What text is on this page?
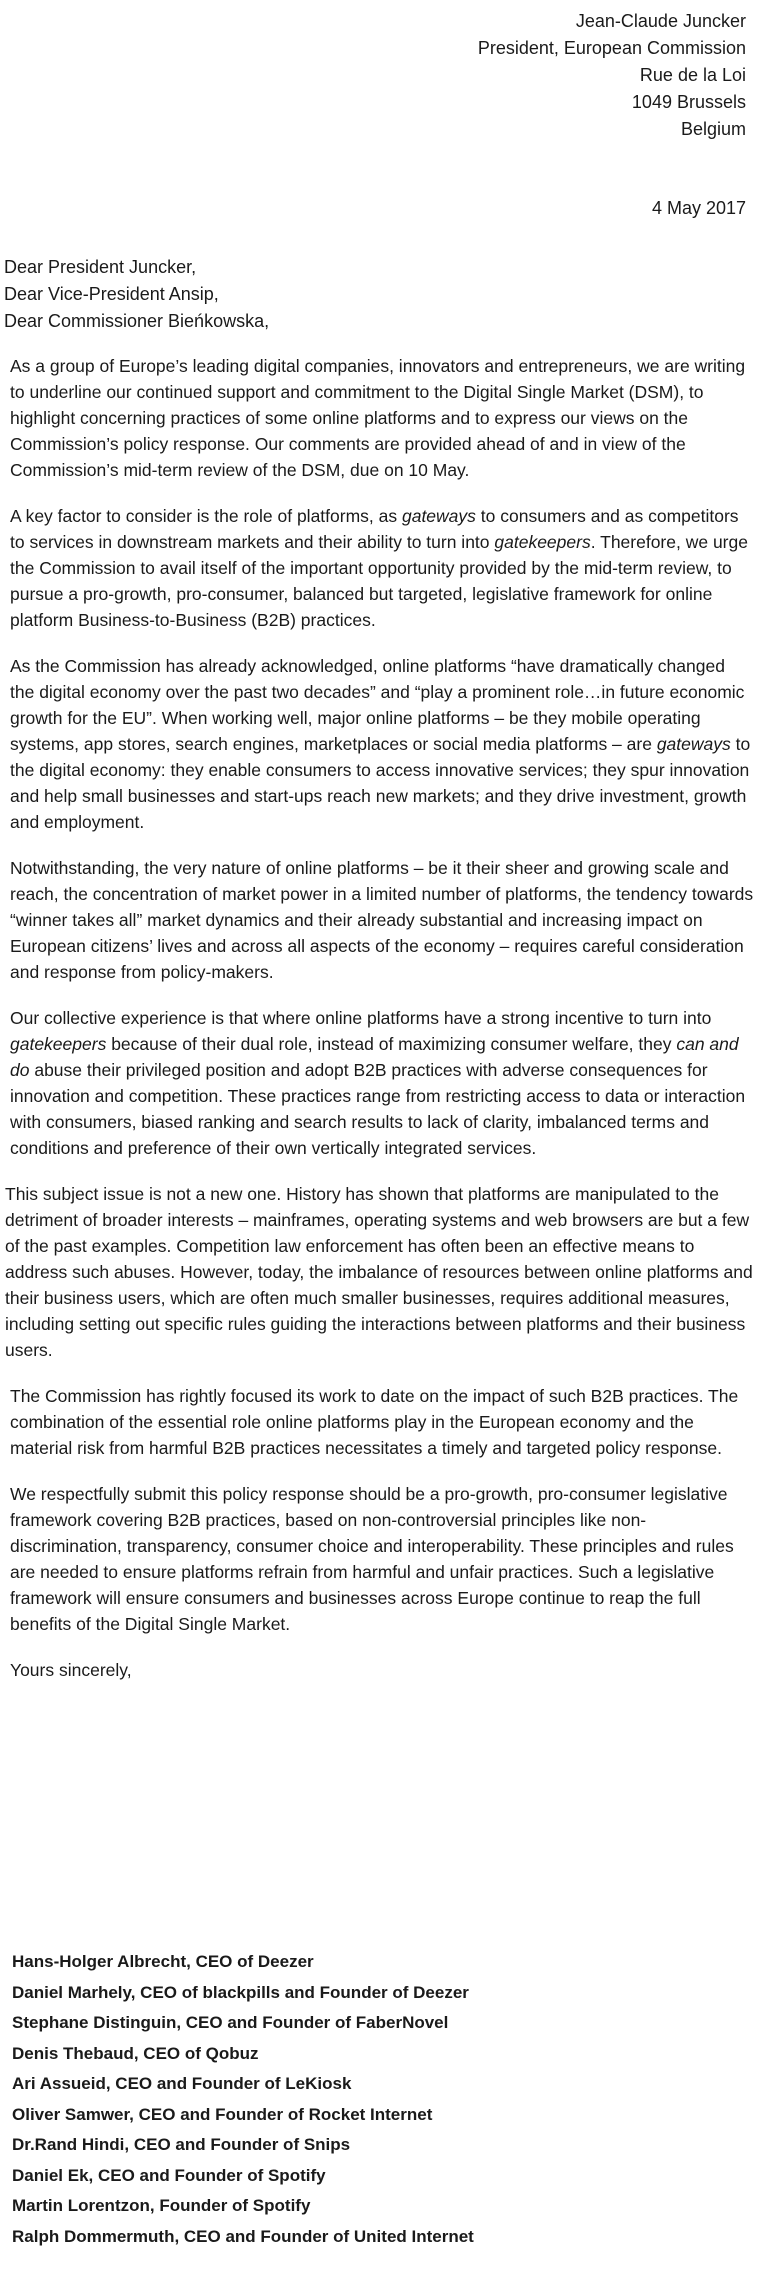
Jean-Claude Juncker
President, European Commission
Rue de la Loi
1049 Brussels
Belgium
4 May 2017
Dear President Juncker,
Dear Vice-President Ansip,
Dear Commissioner Bieńkowska,

As a group of Europe’s leading digital companies, innovators and entrepreneurs, we are writing to underline our continued support and commitment to the Digital Single Market (DSM), to highlight concerning practices of some online platforms and to express our views on the Commission’s policy response. Our comments are provided ahead of and in view of the Commission’s mid-term review of the DSM, due on 10 May.

A key factor to consider is the role of platforms, as gateways to consumers and as competitors to services in downstream markets and their ability to turn into gatekeepers. Therefore, we urge the Commission to avail itself of the important opportunity provided by the mid-term review, to pursue a pro-growth, pro-consumer, balanced but targeted, legislative framework for online platform Business-to-Business (B2B) practices.

As the Commission has already acknowledged, online platforms “have dramatically changed the digital economy over the past two decades” and “play a prominent role…in future economic growth for the EU”. When working well, major online platforms – be they mobile operating systems, app stores, search engines, marketplaces or social media platforms – are gateways to the digital economy: they enable consumers to access innovative services; they spur innovation and help small businesses and start-ups reach new markets; and they drive investment, growth and employment.

Notwithstanding, the very nature of online platforms – be it their sheer and growing scale and reach, the concentration of market power in a limited number of platforms, the tendency towards “winner takes all” market dynamics and their already substantial and increasing impact on European citizens’ lives and across all aspects of the economy – requires careful consideration and response from policy-makers.

Our collective experience is that where online platforms have a strong incentive to turn into gatekeepers because of their dual role, instead of maximizing consumer welfare, they can and do abuse their privileged position and adopt B2B practices with adverse consequences for innovation and competition. These practices range from restricting access to data or interaction with consumers, biased ranking and search results to lack of clarity, imbalanced terms and conditions and preference of their own vertically integrated services.

This subject issue is not a new one. History has shown that platforms are manipulated to the detriment of broader interests – mainframes, operating systems and web browsers are but a few of the past examples. Competition law enforcement has often been an effective means to address such abuses. However, today, the imbalance of resources between online platforms and their business users, which are often much smaller businesses, requires additional measures, including setting out specific rules guiding the interactions between platforms and their business users.

The Commission has rightly focused its work to date on the impact of such B2B practices. The combination of the essential role online platforms play in the European economy and the material risk from harmful B2B practices necessitates a timely and targeted policy response.

We respectfully submit this policy response should be a pro-growth, pro-consumer legislative framework covering B2B practices, based on non-controversial principles like non-discrimination, transparency, consumer choice and interoperability. These principles and rules are needed to ensure platforms refrain from harmful and unfair practices. Such a legislative framework will ensure consumers and businesses across Europe continue to reap the full benefits of the Digital Single Market.

Yours sincerely,

Hans-Holger Albrecht, CEO of Deezer
Daniel Marhely, CEO of blackpills and Founder of Deezer
Stephane Distinguin, CEO and Founder of FaberNovel
Denis Thebaud, CEO of Qobuz
Ari Assueid, CEO and Founder of LeKiosk
Oliver Samwer, CEO and Founder of Rocket Internet
Dr.Rand Hindi, CEO and Founder of Snips
Daniel Ek, CEO and Founder of Spotify
Martin Lorentzon, Founder of Spotify
Ralph Dommermuth, CEO and Founder of United Internet
